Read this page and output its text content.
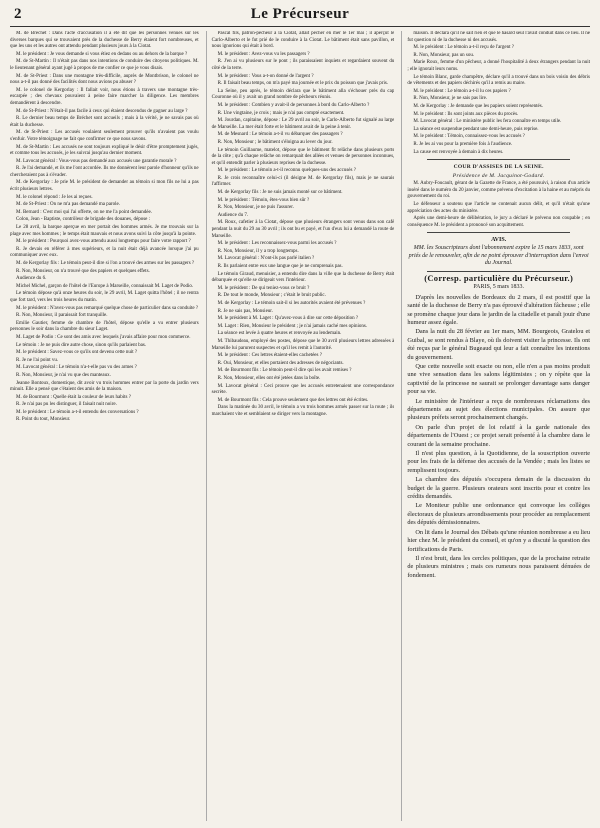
2	Le Précurseur

M. de Bréchet : Dans l'acte d'accusation il a été dit que les personnes venues sur les diverses barques qui se trouvaient près de la duchesse de Berry étaient fort nombreuses, et que les uns et les autres ont attendu pendant plusieurs jours à la Ciotat.

M. le président : Je vous demande si vous étiez en dedans ou au dehors de la barque ?

M. de St-Martin : Il n'était pas dans nos intentions de conduire des citoyens politiques. M. le lieutenant général ayant jugé à propos de me confier ce que je vous disais.

M. de St-Priest : Dans une montagne très-difficile, auprès de Montbrison, le colonel ne nous a-t-il pas donné des facilités dont nous avions pu abuser ?

M. le colonel de Kergorlay : Il fallait voir, nous étions à travers une montagne très-escarpée ; des chevaux pouvaient à peine faire marcher la diligence. Les membres demandèrent à descendre.

M. de St-Priest : N'était-il pas facile à ceux qui étaient descendus de gagner au large ?

R. Le dernier beau temps de Bréchet sont accueils ; mais à la vérité, je ne savais pas où était la duchesse.

M. de St-Priest : Les accusés voulaient seulement prouver qu'ils n'avaient pas voulu s'enfuir. Votre témoignage ne fait que confirmer ce que nous savons.

M. de St-Martin : Les accusés ne sont toujours expliqué le désir d'être promptement jugés, et comme tous les accusés, je les suivrai jusqu'au dernier moment.

M. Lavocat général : Vous-vous pas demandé aux accusés une garantie morale ?

R. Je l'ai demandé, et ils me l'ont accordée. Ils me donnèrent leur parole d'honneur qu'ils ne chercheraient pas à s'évader.

M. de Kergorlay : Je prie M. le président de demander au témoin si mon fils ne lui a pas écrit plusieurs lettres.

M. le colonel répond : Je les ai reçues.

M. de St-Priest : On ne m'a pas demandé ma parole.

M. Bernard : C'est moi qui l'ai offerte, on ne me l'a point demandée.

Colon, Jean - Baptiste, contrôleur de brigade des douanes, dépose :

Le 28 avril, la barque aperçue en mer portait des hommes armés. Je me trouvais sur la plage avec mes hommes ; le temps était mauvais et nous avons suivi la côte jusqu'à la pointe.

M. le président : Pourquoi avez-vous attendu aussi longtemps pour faire votre rapport ?

R. Je devais en référer à mes supérieurs, et la nuit était déjà avancée lorsque j'ai pu communiquer avec eux.

M. de Kergorlay fils : Le témoin peut-il dire si l'on a trouvé des armes sur les passagers ?

R. Non, Monsieur, on n'a trouvé que des papiers et quelques effets.

Audience du 6.

Michel Michel, garçon de l'hôtel de l'Europe à Marseille, connaissait M. Laget de Podio.

Le témoin dépose qu'à onze heures du soir, le 29 avril, M. Laget quitta l'hôtel ; il ne rentra que fort tard, vers les trois heures du matin.

M. le président : N'avez-vous pas remarqué quelque chose de particulier dans sa conduite ?

R. Non, Monsieur, il paraissait fort tranquille.

Emilie Gautier, femme de chambre de l'hôtel, dépose qu'elle a vu entrer plusieurs personnes le soir dans la chambre du sieur Laget.

M. Laget de Podio : Ce sont des amis avec lesquels j'avais affaire pour mon commerce.

Le témoin : Je ne puis dire autre chose, sinon qu'ils parlaient bas.

M. le président : Savez-vous ce qu'ils ont devenu cette nuit ?

R. Je ne l'ai point vu.

M. Lavocat général : Le témoin n'a-t-elle pas vu des armes ?

R. Non, Monsieur, je n'ai vu que des manteaux.

Jeanne Bontoux, domestique, dit avoir vu trois hommes entrer par la porte du jardin vers minuit. Elle a pensé que c'étaient des amis de la maison.

M. de Bourmont : Quelle était la couleur de leurs habits ?

R. Je n'ai pas pu les distinguer, il faisait nuit noire.

M. le président : Le témoin a-t-il entendu des conversations ?

R. Point du tout, Monsieur.

Pascal fils, patron-pêcheur à la Ciotat, allait pêcher en mer le 1er mai ; il aperçut le Carlo-Alberto et le fut prié de le conduire à la Ciotat. Le bâtiment était sans pavillon, et nous ignorions qui était à bord.

M. le président : Avez-vous vu les passagers ?

R. J'en ai vu plusieurs sur le pont ; ils paraissaient inquiets et regardaient souvent du côté de la terre.

M. le président : Vous a-t-on donné de l'argent ?

R. Il faisait beau temps, on m'a payé ma journée et le prix du poisson que j'avais pris.

La Seine, peu après, le témoin déclara que le bâtiment alla s'échouer près du cap Couronne où il y avait un grand nombre de pêcheurs réunis.

M. le président : Combien y avait-il de personnes à bord du Carlo-Alberto ?

R. Une vingtaine, je crois ; mais je n'ai pas compté exactement.

M. Jourdan, capitaine, dépose : Le 29 avril au soir, le Carlo-Alberto fut signalé au large de Marseille. La mer était forte et le bâtiment avait de la peine à tenir.

M. de Mesnard : Le témoin a-t-il vu débarquer des passagers ?

R. Non, Monsieur ; le bâtiment s'éloigna au lever du jour.

Le témoin Guillaume, matelot, dépose que le bâtiment fit relâche dans plusieurs ports de la côte ; qu'à chaque relâche on remarquait des allées et venues de personnes inconnues, et qu'il entendit parler à plusieurs reprises de la duchesse.

M. le président : Le témoin a-t-il reconnu quelques-uns des accusés ?

R. Je crois reconnaître celui-ci (il désigne M. de Kergorlay fils), mais je ne saurais l'affirmer.

M. de Kergorlay fils : Je ne suis jamais monté sur ce bâtiment.

M. le président : Témoin, êtes-vous bien sûr ?

R. Non, Monsieur, je ne puis l'assurer.

Audience du 7.

M. Roux, cafetier à la Ciotat, dépose que plusieurs étrangers sont venus dans son café pendant la nuit du 29 au 30 avril ; ils ont bu et payé, et l'un d'eux lui a demandé la route de Marseille.

M. le président : Les reconnaissez-vous parmi les accusés ?

R. Non, Monsieur, il y a trop longtemps.

M. Lavocat général : N'ont-ils pas parlé italien ?

R. Ils parlaient entre eux une langue que je ne comprenais pas.

Le témoin Giraud, menuisier, a entendu dire dans la ville que la duchesse de Berry était débarquée et qu'elle se dirigeait vers l'intérieur.

M. le président : De qui teniez-vous ce bruit ?

R. De tout le monde, Monsieur ; c'était le bruit public.

M. de Kergorlay : Le témoin sait-il si les autorités avaient été prévenues ?

R. Je ne sais pas, Monsieur.

M. le président à M. Laget : Qu'avez-vous à dire sur cette déposition ?

M. Laget : Rien, Monsieur le président ; je n'ai jamais caché mes opinions.

La séance est levée à quatre heures et renvoyée au lendemain.

M. Thibaudeau, employé des postes, dépose que le 30 avril plusieurs lettres adressées à Marseille lui parurent suspectes et qu'il les remit à l'autorité.

M. le président : Ces lettres étaient-elles cachetées ?

R. Oui, Monsieur, et elles portaient des adresses de négociants.

M. de Bourmont fils : Le témoin peut-il dire qui les avait remises ?

R. Non, Monsieur, elles ont été jetées dans la boîte.

M. Lavocat général : Ceci prouve que les accusés entretenaient une correspondance secrète.

M. de Bourmont fils : Cela prouve seulement que des lettres ont été écrites.

Dans la matinée du 30 avril, le témoin a vu trois hommes armés passer sur la route ; ils marchaient vite et semblaient se diriger vers la montagne.

maison. Il déclara qu'il ne sait rien et que le hasard seul l'avait conduit dans ce lieu. Il ne fut question ni de la duchesse ni des accusés.

M. le président : Le témoin a-t-il reçu de l'argent ?

R. Non, Monsieur, pas un sou.

Marie Roux, femme d'un pêcheur, a donné l'hospitalité à deux étrangers pendant la nuit ; elle ignorait leurs noms.

Le témoin Blanc, garde champêtre, déclare qu'il a trouvé dans un bois voisin des débris de vêtements et des papiers déchirés qu'il a remis au maire.

M. le président : Le témoin a-t-il lu ces papiers ?

R. Non, Monsieur, je ne sais pas lire.

M. de Kergorlay : Je demande que les papiers soient représentés.

M. le président : Ils sont joints aux pièces du procès.

M. Lavocat général : Le ministère public les fera connaître en temps utile.

La séance est suspendue pendant une demi-heure, puis reprise.

M. le président : Témoin, connaissez-vous les accusés ?

R. Je les ai vus pour la première fois à l'audience.

La cause est renvoyée à demain à dix heures.

COUR D'ASSISES DE LA SEINE.
Présidence de M. Jacquinot-Godard.

M. Aubry-Foucault, gérant de la Gazette de France, a été poursuivi, à raison d'un article inséré dans le numéro du 20 janvier, comme prévenu d'excitation à la haine et au mépris du gouvernement du roi.

Le défenseur a soutenu que l'article ne contenait aucun délit, et qu'il n'était qu'une appréciation des actes du ministère.

Après une demi-heure de délibération, le jury a déclaré le prévenu non coupable ; en conséquence M. le président a prononcé son acquittement.

AVIS.
MM. les Souscripteurs dont l'abonnement expire le 15 mars 1833, sont priés de le renouveler, afin de ne point éprouver d'interruption dans l'envoi du Journal.
(Corresp. particulière du Précurseur.)
PARIS, 5 mars 1833.

D'après les nouvelles de Bordeaux du 2 mars, il est positif que la santé de la duchesse de Berry n'a pas éprouvé d'altération fâcheuse ; elle se promène chaque jour dans le jardin de la citadelle et paraît jouir d'une humeur assez égale.

Dans la nuit du 28 février au 1er mars, MM. Bourgeois, Gratelou et Guibal, se sont rendus à Blaye, où ils doivent visiter la princesse. Ils ont été reçus par le général Bugeaud qui leur a fait connaître les intentions du gouvernement.

Que cette nouvelle soit exacte ou non, elle n'en a pas moins produit une vive sensation dans les salons légitimistes ; on y répète que la captivité de la princesse ne saurait se prolonger davantage sans danger pour sa vie.

Le ministère de l'intérieur a reçu de nombreuses réclamations des départements au sujet des élections municipales. On assure que plusieurs préfets seront prochainement changés.

On parle d'un projet de loi relatif à la garde nationale des départements de l'Ouest ; ce projet serait présenté à la chambre dans le courant de la semaine prochaine.

Il n'est plus question, à la Quotidienne, de la souscription ouverte pour les frais de la défense des accusés de la Vendée ; mais les listes se remplissent toujours.

La chambre des députés s'occupera demain de la discussion du budget de la guerre. Plusieurs orateurs sont inscrits pour et contre les crédits demandés.

Le Moniteur publie une ordonnance qui convoque les collèges électoraux de plusieurs arrondissements pour procéder au remplacement des députés démissionnaires.

On lit dans le Journal des Débats qu'une réunion nombreuse a eu lieu hier chez M. le président du conseil, et qu'on y a discuté la question des fortifications de Paris.

Il n'est bruit, dans les cercles politiques, que de la prochaine retraite de plusieurs ministres ; mais ces rumeurs nous paraissent dénuées de fondement.
